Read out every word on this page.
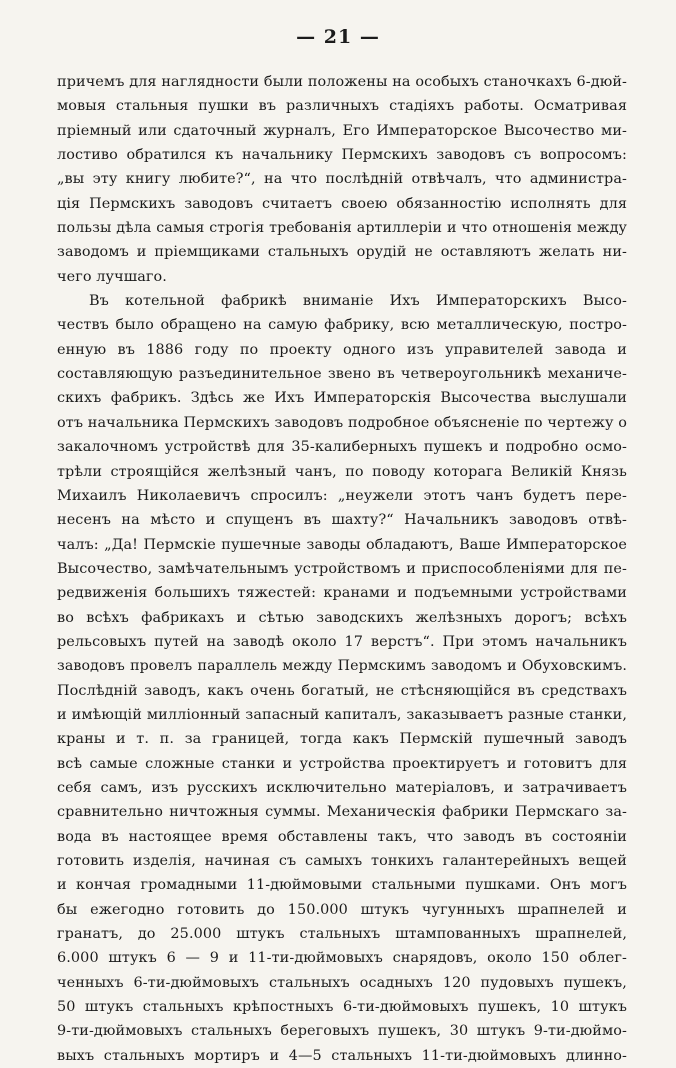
— 21 —
причемъ для наглядности были положены на особыхъ станочкахъ 6-дюй-
мовыя стальныя пушки въ различныхъ стадіяхъ работы. Осматривая
пріемный или сдаточный журналъ, Его Императорское Высочество ми-
лостиво обратился къ начальнику Пермскихъ заводовъ съ вопросомъ:
„вы эту книгу любите?“, на что послѣдній отвѣчалъ, что администра-
ція Пермскихъ заводовъ считаетъ своею обязанностію исполнять для
пользы дѣла самыя строгія требованія артиллеріи и что отношенія между
заводомъ и пріемщиками стальныхъ орудій не оставляютъ желать ни-
чего лучшаго.
Въ котельной фабрикѣ вниманіе Ихъ Императорскихъ Высо-
чествъ было обращено на самую фабрику, всю металлическую, постро-
енную въ 1886 году по проекту одного изъ управителей завода и
составляющую разъединительное звено въ четвероугольникѣ механиче-
скихъ фабрикъ. Здѣсь же Ихъ Императорскія Высочества выслушали
отъ начальника Пермскихъ заводовъ подробное объясненіе по чертежу о
закалочномъ устройствѣ для 35-калиберныхъ пушекъ и подробно осмо-
трѣли строящійся желѣзный чанъ, по поводу которага Великій Князь
Михаилъ Николаевичъ спросилъ: „неужели этотъ чанъ будетъ пере-
несенъ на мѣсто и спущенъ въ шахту?“ Начальникъ заводовъ отвѣ-
чалъ: „Да! Пермскіе пушечные заводы обладаютъ, Ваше Императорское
Высочество, замѣчательнымъ устройствомъ и приспособленіями для пе-
редвиженія большихъ тяжестей: кранами и подъемными устройствами
во всѣхъ фабрикахъ и сѣтью заводскихъ желѣзныхъ дорогъ; всѣхъ
рельсовыхъ путей на заводѣ около 17 верстъ“. При этомъ начальникъ
заводовъ провелъ параллель между Пермскимъ заводомъ и Обуховскимъ.
Послѣдній заводъ, какъ очень богатый, не стѣсняющійся въ средствахъ
и имѣющій милліонный запасный капиталъ, заказываетъ разные станки,
краны и т. п. за границей, тогда какъ Пермскій пушечный заводъ
всѣ самые сложные станки и устройства проектируетъ и готовитъ для
себя самъ, изъ русскихъ исключительно матеріаловъ, и затрачиваетъ
сравнительно ничтожныя суммы. Механическія фабрики Пермскаго за-
вода въ настоящее время обставлены такъ, что заводъ въ состояніи
готовить изделія, начиная съ самыхъ тонкихъ галантерейныхъ вещей
и кончая громадными 11-дюймовыми стальными пушками. Онъ могъ
бы ежегодно готовить до 150.000 штукъ чугунныхъ шрапнелей и
гранатъ, до 25.000 штукъ стальныхъ штампованныхъ шрапнелей,
6.000 штукъ 6 — 9 и 11-ти-дюймовыхъ снарядовъ, около 150 облег-
ченныхъ 6-ти-дюймовыхъ стальныхъ осадныхъ 120 пудовыхъ пушекъ,
50 штукъ стальныхъ крѣпостныхъ 6-ти-дюймовыхъ пушекъ, 10 штукъ
9-ти-дюймовыхъ стальныхъ береговыхъ пушекъ, 30 штукъ 9-ти-дюймо-
выхъ стальныхъ мортиръ и 4—5 стальныхъ 11-ти-дюймовыхъ длинно-
